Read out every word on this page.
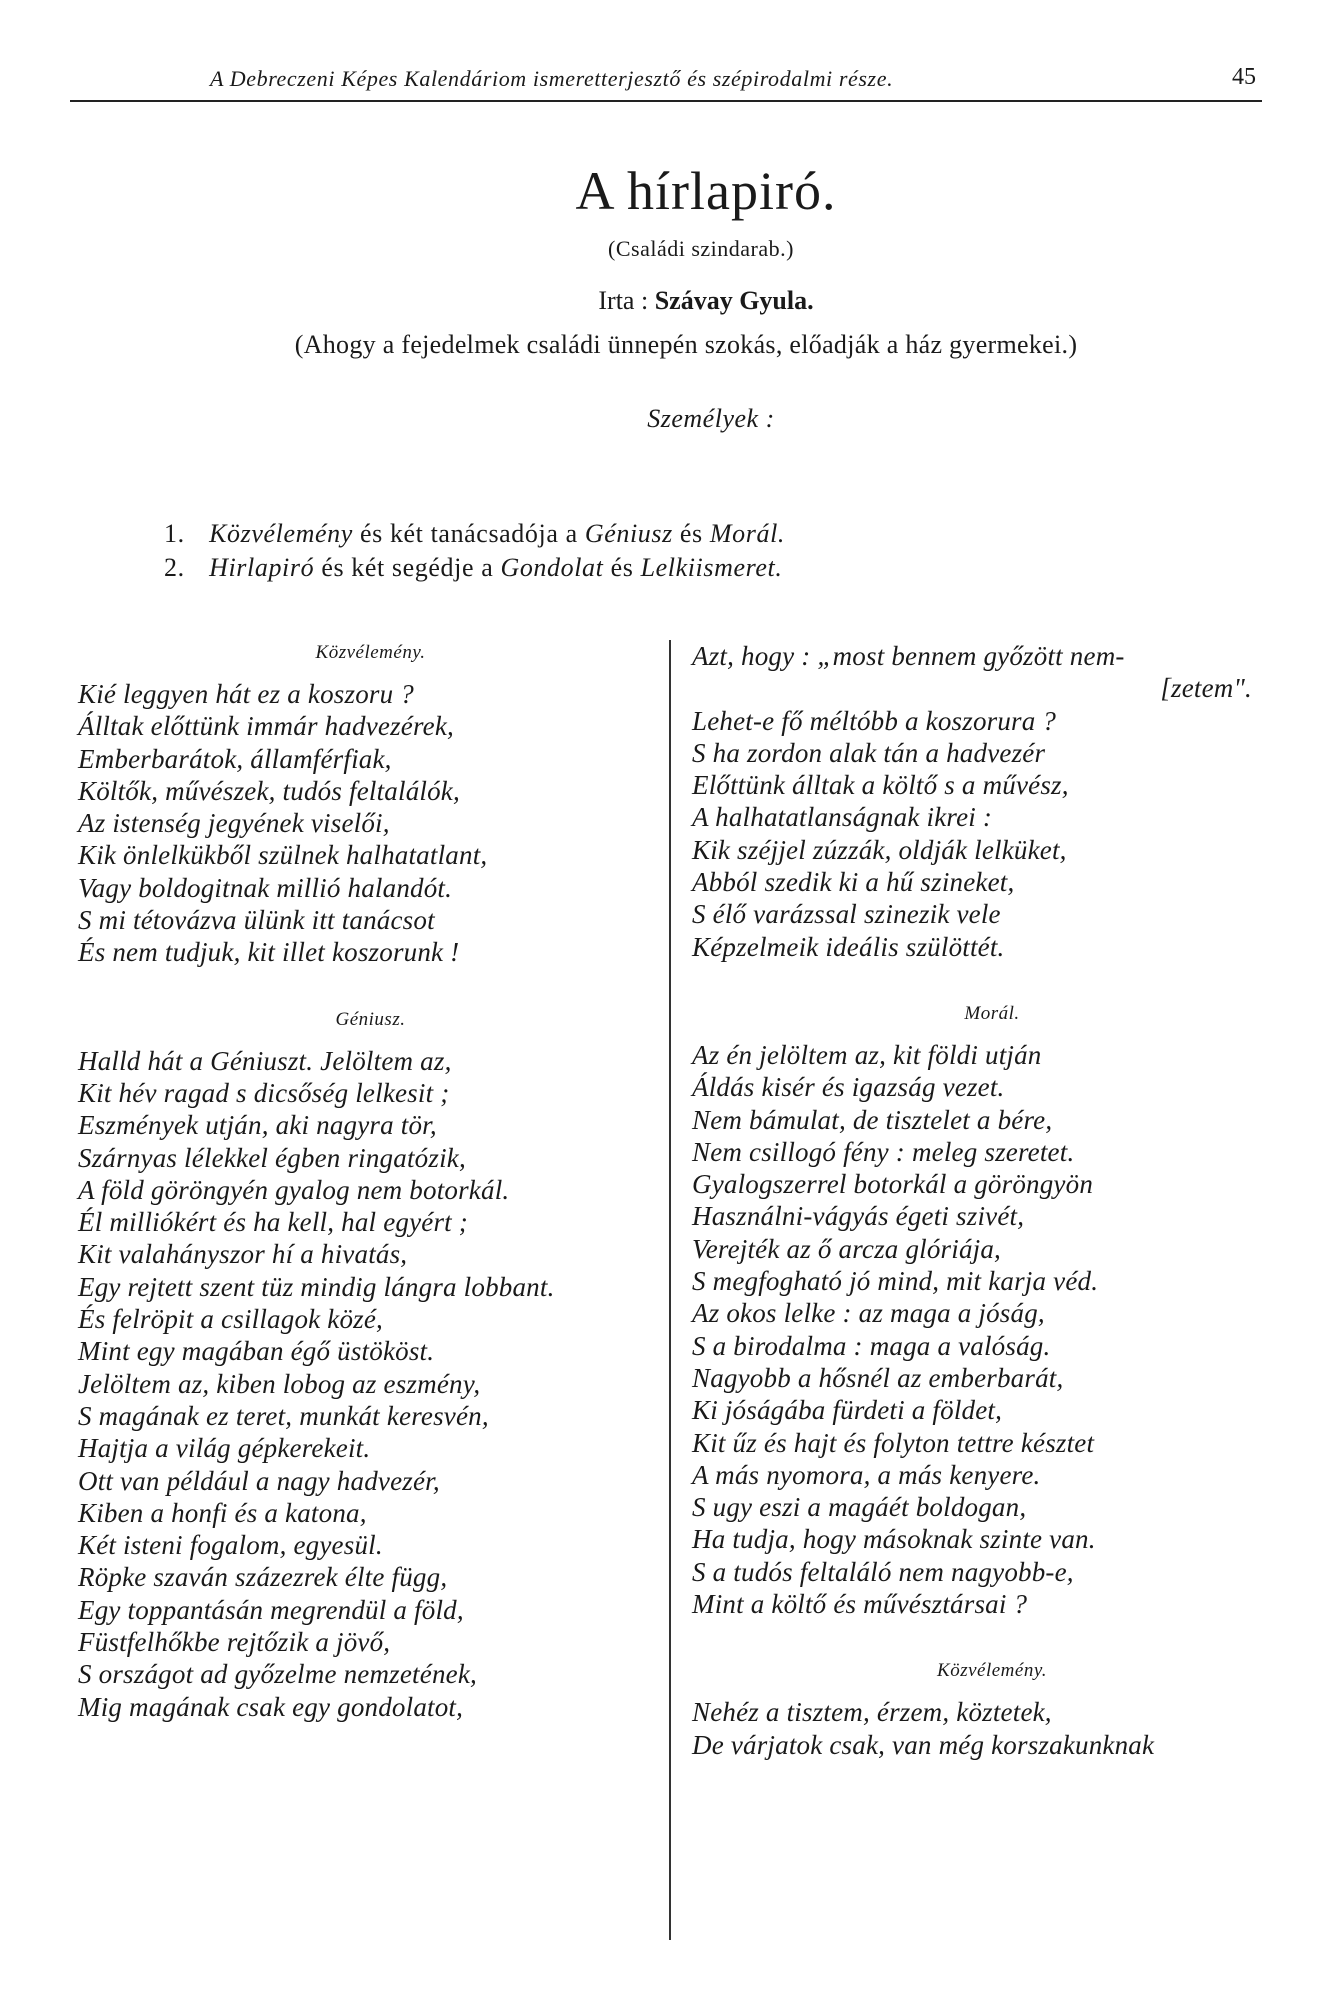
A Debreczeni Képes Kalendáriom ismeretterjesztő és szépirodalmi része.	45
A hírlapiró.
(Családi szindarab.)
Irta : Szávay Gyula.
(Ahogy a fejedelmek családi ünnepén szokás, előadják a ház gyermekei.)
Személyek :
1. Közvélemény és két tanácsadója a Géniusz és Morál.
2. Hirlapiró és két segédje a Gondolat és Lelkiismeret.
Közvélemény.
Kié leggyen hát ez a koszoru ?
Álltak előttünk immár hadvezérek,
Emberbarátok, államférfiak,
Költők, művészek, tudós feltalálók,
Az istenség jegyének viselői,
Kik önlelkükből szülnek halhatatlant,
Vagy boldogitnak millió halandót.
S mi tétovázva ülünk itt tanácsot
És nem tudjuk, kit illet koszorunk !
Géniusz.
Halld hát a Géniuszt. Jelöltem az,
Kit hév ragad s dicsőség lelkesit ;
Eszmények utján, aki nagyra tör,
Szárnyas lélekkel égben ringatózik,
A föld göröngyén gyalog nem botorkál.
Él milliókért és ha kell, hal egyért ;
Kit valahányszor hí a hivatás,
Egy rejtett szent tüz mindig lángra lobbant.
És felröpit a csillagok közé,
Mint egy magában égő üstököst.
Jelöltem az, kiben lobog az eszmény,
S magának ez teret, munkát keresvén,
Hajtja a világ gépkerekeit.
Ott van például a nagy hadvezér,
Kiben a honfi és a katona,
Két isteni fogalom, egyesül.
Röpke szaván százezrek élte függ,
Egy toppantásán megrendül a föld,
Füstfelhőkbe rejtőzik a jövő,
S országot ad győzelme nemzetének,
Mig magának csak egy gondolatot,
Azt, hogy : „most bennem győzött nem-
[zetem".
Lehet-e fő méltóbb a koszorura ?
S ha zordon alak tán a hadvezér
Előttünk álltak a költő s a művész,
A halhatatlanságnak ikrei :
Kik széjjel zúzzák, oldják lelküket,
Abból szedik ki a hű szineket,
S élő varázssal szinezik vele
Képzelmeik ideális szülöttét.
Morál.
Az én jelöltem az, kit földi utján
Áldás kisér és igazság vezet.
Nem bámulat, de tisztelet a bére,
Nem csillogó fény : meleg szeretet.
Gyalogszerrel botorkál a göröngyön
Használni-vágyás égeti szivét,
Verejték az ő arcza glóriája,
S megfogható jó mind, mit karja véd.
Az okos lelke : az maga a jóság,
S a birodalma : maga a valóság.
Nagyobb a hősnél az emberbarát,
Ki jóságába fürdeti a földet,
Kit űz és hajt és folyton tettre késztet
A más nyomora, a más kenyere.
S ugy eszi a magáét boldogan,
Ha tudja, hogy másoknak szinte van.
S a tudós feltaláló nem nagyobb-e,
Mint a költő és művésztársai ?
Közvélemény.
Nehéz a tisztem, érzem, köztetek,
De várjatok csak, van még korszakunknak
